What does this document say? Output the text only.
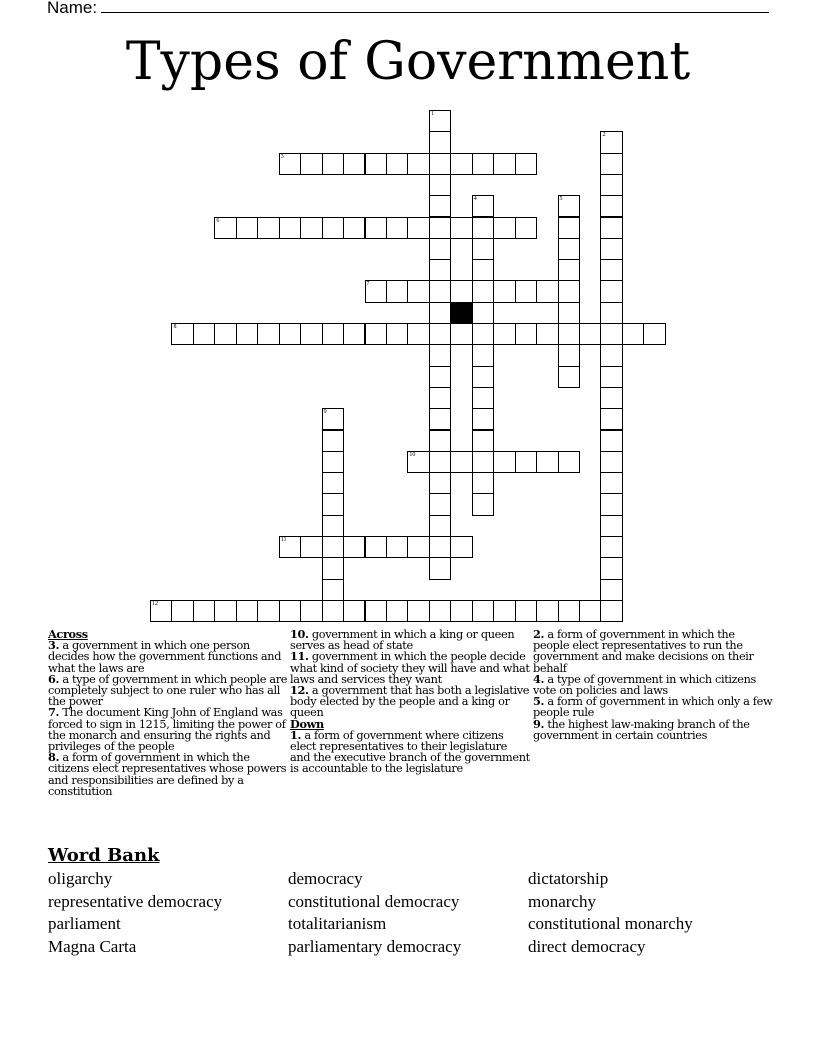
Name:
Types of Government
1
2
3
4	5
6
7
8
9
10
11
12
Across
3. a government in which one person decides how the government functions and what the laws are
6. a type of government in which people are completely subject to one ruler who has all the power
7. The document King John of England was forced to sign in 1215, limiting the power of the monarch and ensuring the rights and privileges of the people
8. a form of government in which the citizens elect representatives whose powers and responsibilities are defined by a constitution
10. government in which a king or queen serves as head of state
11. government in which the people decide what kind of society they will have and what laws and services they want
12. a government that has both a legislative body elected by the people and a king or queen
Down
1. a form of government where citizens elect representatives to their legislature and the executive branch of the government is accountable to the legislature
2. a form of government in which the people elect representatives to run the government and make decisions on their behalf
4. a type of government in which citizens vote on policies and laws
5. a form of government in which only a few people rule
9. the highest law-making branch of the government in certain countries
Word Bank
oligarchy
representative democracy
parliament
Magna Carta
democracy
constitutional democracy
totalitarianism
parliamentary democracy
dictatorship
monarchy
constitutional monarchy
direct democracy
